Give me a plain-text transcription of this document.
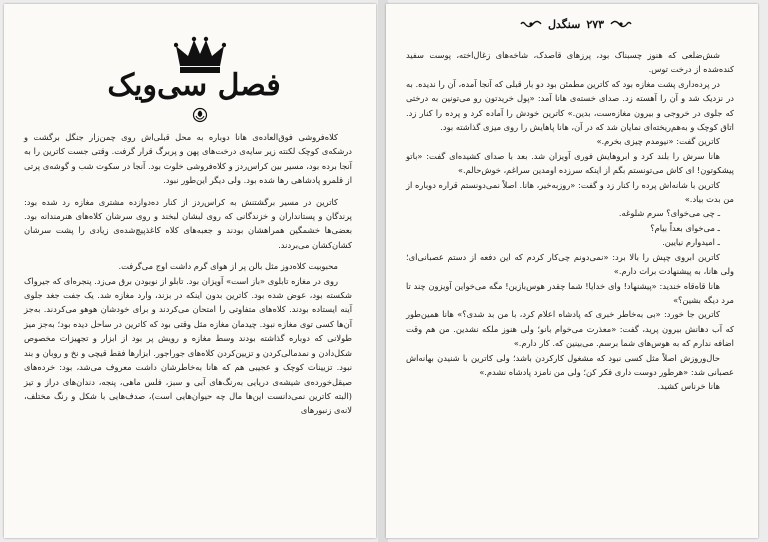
فصل سی‌ویک

کلاه‌فروشی فوق‌العاده‌ی هانا دوباره به محل قبلی‌اش روی چمن‌زار جنگل برگشت و درشکه‌ی کوچک لکنته زیر سایه‌ی درخت‌های پهن و پربرگ قرار گرفت. وقتی جست کاترین را به آنجا برده بود، مسیر بین کراس‌ردز و کلاه‌فروشی خلوت بود. آنجا در سکوت شب و گوشه‌ی پرتی از قلمرو پادشاهی رها شده بود. ولی دیگر این‌طور نبود.

کاترین در مسیر برگشتنش به کراس‌ردز از کنار ده‌دوازده مشتری مغازه رد شده بود: پرندگان و پستانداران و خزندگانی که روی لبشان لبخند و روی سرشان کلاه‌های هنرمندانه بود. بعضی‌ها خشمگین همراهشان بودند و جعبه‌های کلاه کاغذپیچ‌شده‌ی زیادی را پشت سرشان کشان‌کشان می‌بردند.

محبوبیت کلاه‌دوز مثل بالن پر از هوای گرم داشت اوج می‌گرفت.

روی در مغازه تابلوی «باز است» آویزان بود. تابلو از نوبودن برق می‌زد. پنجره‌ای که جیرواک شکسته بود، عوض شده بود. کاترین بدون اینکه در بزند، وارد مغازه شد. یک جفت جغد جلوی آینه ایستاده بودند. کلاه‌های متفاوتی را امتحان می‌کردند و برای خودشان هوهو می‌کردند. به‌جز آن‌ها کسی توی مغازه نبود. چیدمان مغازه مثل وقتی بود که کاترین در ساحل دیده بود؛ به‌جز میز طولانی که دوباره گذاشته بودند وسط مغازه و رویش پر بود از ابزار و تجهیزات مخصوص شکل‌دادن و نمدمالی‌کردن و تزیین‌کردن کلاه‌های جوراجور. ابزارها فقط قیچی و نخ و روبان و بند نبود. تزیینات کوچک و عجیبی هم که هانا به‌خاطرشان داشت معروف می‌شد، بود: خرده‌های صیقل‌خورده‌ی شیشه‌ی دریایی به‌رنگ‌های آبی و سبز، فلس ماهی، پنجه، دندان‌های دراز و تیز (البته کاترین نمی‌دانست این‌ها مال چه حیوان‌هایی است)، صدف‌هایی با شکل و رنگ مختلف، لانه‌ی زنبورهای

۲۷۳
سنگدل

شش‌ضلعی که هنوز چسبناک بود، پرزهای قاصدک، شاخه‌های زغال‌اخته، پوست سفید کنده‌شده از درخت توس.

در پرده‌داری پشت مغازه بود که کاترین مطمئن بود دو بار قبلی که آنجا آمده، آن را ندیده. به در نزدیک شد و آن را آهسته زد. صدای خسته‌ی هانا آمد: «پول خریدتون رو می‌تونین به درختی که جلوی در خروجی و بیرون مغازه‌ست، بدین.» کاترین خودش را آماده کرد و پرده را کنار زد. اتاق کوچک و به‌هم‌ریخته‌ای نمایان شد که در آن، هانا پاهایش را روی میزی گذاشته بود.

کاترین گفت: «نیومدم چیزی بخرم.»

هانا سرش را بلند کرد و ابروهایش فوری آویزان شد. بعد با صدای کشیده‌ای گفت: «باتو پیشکوتون! ای کاش می‌تونستم بگم از اینکه سرزده اومدین سراغم، خوش‌حالم.»

کاترین با شانه‌اش پرده را کنار زد و گفت: «روزبه‌خیر، هانا. اصلاً نمی‌دونستم قراره دوباره از من بدت بیاد.»

ـ چی می‌خوای؟ سرم شلوغه.

ـ می‌خوای بعداً بیام؟

ـ امیدوارم نیایین.

کاترین ابروی چپش را بالا برد: «نمی‌دونم چی‌کار کردم که این دفعه از دستم عصبانی‌ای؛ ولی هانا، به پیشنهادت برات دارم.»

هانا قاه‌قاه خندید: «پیشنهاد! وای خدایا! شما چقدر هوس‌بازین! مگه می‌خواین آویزون چند تا مرد دیگه بشین؟»

کاترین جا خورد: «بی به‌خاطر خبری که پادشاه اعلام کرد، با من بد شدی؟» هانا همین‌طور که آب دهانش بیرون پرید، گفت: «معذرت می‌خوام بانو؛ ولی هنوز ملکه نشدین. من هم وقت اضافه ندارم که به هوس‌های شما برسم. می‌بینین که. کار دارم.»

حال‌وروزش اصلاً مثل کسی نبود که مشغول کارکردن باشد؛ ولی کاترین با شنیدن بهانه‌اش عصبانی شد: «هرطور دوست داری فکر کن؛ ولی من نامزد پادشاه نشدم.»

هانا خرناس کشید.
